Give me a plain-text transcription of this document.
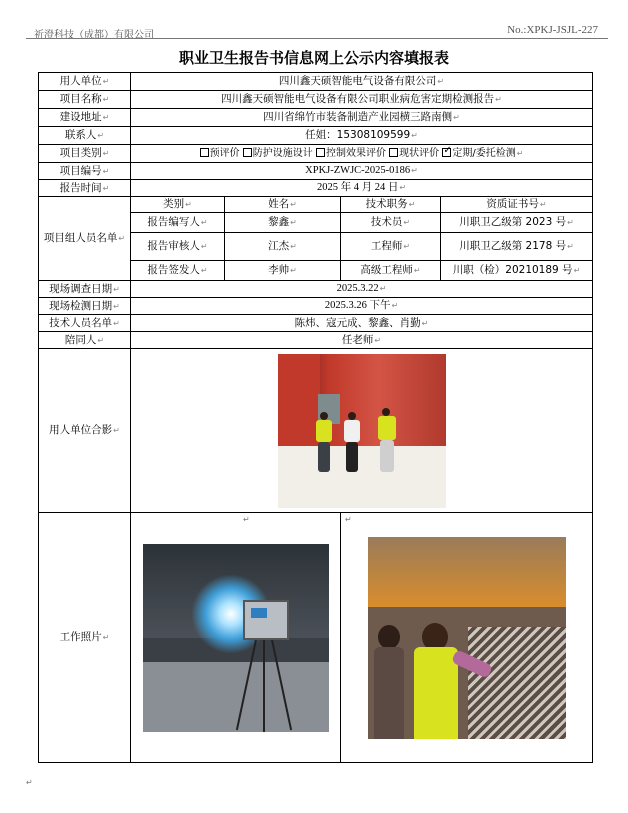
祈澄科技（成都）有限公司	No.:XPKJ-JSJL-227
职业卫生报告书信息网上公示内容填报表
用人单位↵	四川鑫天硕智能电气设备有限公司↵			
项目名称↵	四川鑫天硕智能电气设备有限公司职业病危害定期检测报告↵			
建设地址↵	四川省绵竹市装备制造产业园横三路南侧↵			
联系人↵	任姐：15308109599↵			
项目类别↵	预评价 防护设施设计 控制效果评价 现状评价 ✓ 定期/委托检测↵
项目编号↵	XPKJ-ZWJC-2025-0186↵			
报告时间↵	2025 年 4 月 24 日↵			
项目组人员名单↵	类别↵	姓名↵	技术职务↵	资质证书号↵
	报告编写人↵	黎鑫↵	技术员↵	川职卫乙级第 2023 号↵
	报告审核人↵	江杰↵	工程师↵	川职卫乙级第 2178 号↵
	报告签发人↵	李帅↵	高级工程师↵	川职（检）20210189 号↵
现场调查日期↵	2025.3.22↵			
现场检测日期↵	2025.3.26 下午↵			
技术人员名单↵	陈炜、寇元成、黎鑫、肖勤↵			
陪同人↵	任老师↵			
用人单位合影↵				

工作照片↵	↵		↵	
↵
